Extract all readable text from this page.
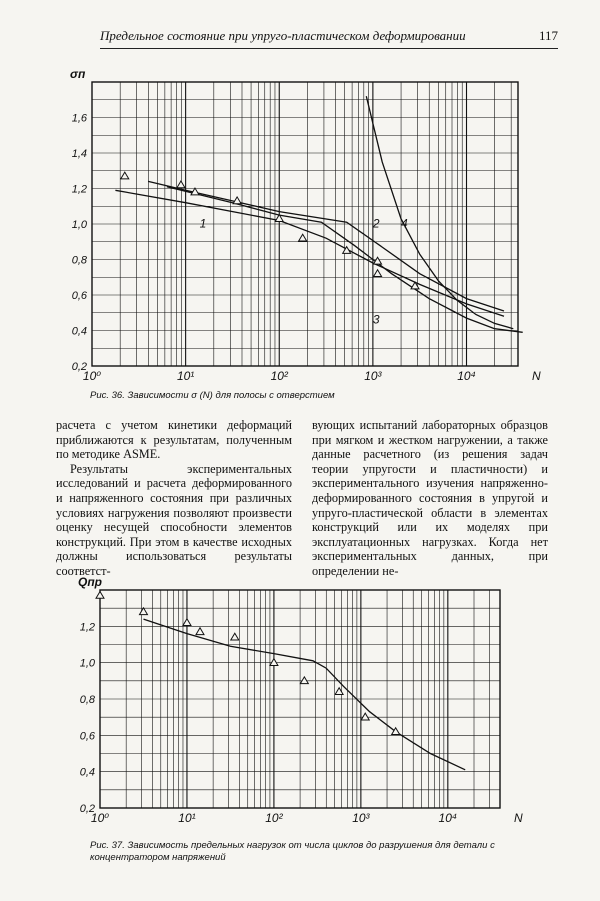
Предельное состояние при упруго-пластическом деформировании	117
0,2
0,4
0,6
0,8
1,0
1,2
1,4
1,6
10⁰	10¹	10²	10³	10⁴
σп
N
1	2
3
4
Рис. 36. Зависимости σ (N) для полосы с отверстием

расчета с учетом кинетики деформаций приближаются к результатам, полученным по методике ASME.

Результаты экспериментальных исследований и расчета деформированного и напряженного состояния при различных условиях нагружения позволяют произвести оценку несущей способности элементов конструкций. При этом в качестве исходных должны использоваться результаты соответст-

вующих испытаний лабораторных образцов при мягком и жестком нагружении, а также данные расчетного (из решения задач теории упругости и пластичности) и экспериментального изучения напряженно-деформированного состояния в упругой и упруго-пластической области в элементах конструкций или их моделях при эксплуатационных нагрузках. Когда нет экспериментальных данных, при определении не-

0,2
0,4
0,6
0,8
1,0
1,2
10⁰	10¹	10²	10³	10⁴
Qпр
N
Рис. 37. Зависимость предельных нагрузок от числа циклов до разрушения для детали с концентратором напряжений
